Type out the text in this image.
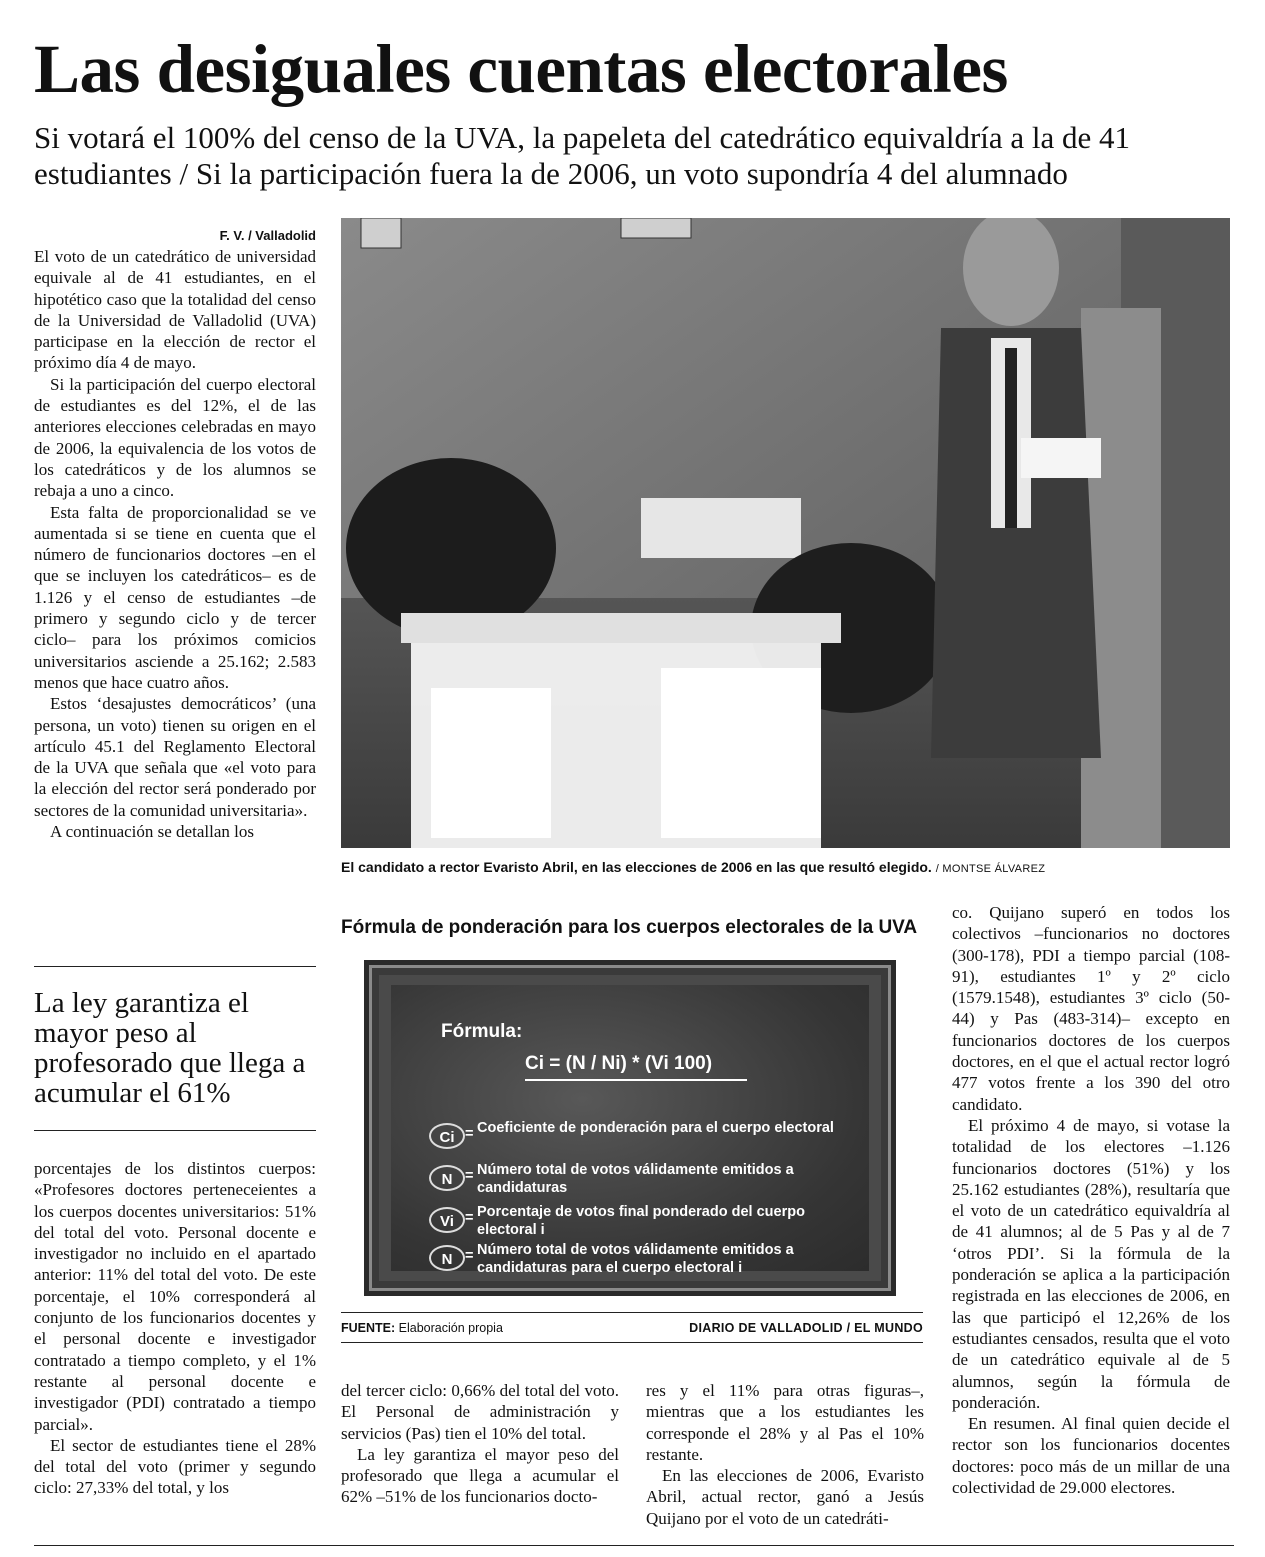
Las desiguales cuentas electorales
Si votará el 100% del censo de la UVA, la papeleta del catedrático equivaldría a la de 41 estudiantes / Si la participación fuera la de 2006, un voto supondría 4 del alumnado
F. V. / Valladolid

El voto de un catedrático de universidad equivale al de 41 estudiantes, en el hipotético caso que la totalidad del censo de la Universidad de Valladolid (UVA) participase en la elección de rector el próximo día 4 de mayo.

Si la participación del cuerpo electoral de estudiantes es del 12%, el de las anteriores elecciones celebradas en mayo de 2006, la equivalencia de los votos de los catedráticos y de los alumnos se rebaja a uno a cinco.

Esta falta de proporcionalidad se ve aumentada si se tiene en cuenta que el número de funcionarios doctores –en el que se incluyen los catedráticos– es de 1.126 y el censo de estudiantes –de primero y segundo ciclo y de tercer ciclo– para los próximos comicios universitarios asciende a 25.162; 2.583 menos que hace cuatro años.

Estos ‘desajustes democráticos’ (una persona, un voto) tienen su origen en el artículo 45.1 del Reglamento Electoral de la UVA que señala que «el voto para la elección del rector será ponderado por sectores de la comunidad universitaria».

A continuación se detallan los

La ley garantiza el mayor peso al profesorado que llega a acumular el 61%

porcentajes de los distintos cuerpos: «Profesores doctores perteneceientes a los cuerpos docentes universitarios: 51% del total del voto. Personal docente e investigador no incluido en el apartado anterior: 11% del total del voto. De este porcentaje, el 10% corresponderá al conjunto de los funcionarios docentes y el personal docente e investigador contratado a tiempo completo, y el 1% restante al personal docente e investigador (PDI) contratado a tiempo parcial».

El sector de estudiantes tiene el 28% del total del voto (primer y segundo ciclo: 27,33% del total, y los

El candidato a rector Evaristo Abril, en las elecciones de 2006 en las que resultó elegido. / MONTSE ÁLVAREZ
Fórmula de ponderación para los cuerpos electorales de la UVA
Fórmula:
Ci = (N / Ni) * (Vi 100)
Ci = Coeficiente de ponderación para el cuerpo electoral
N = Número total de votos válidamente emitidos a candidaturas
Vi = Porcentaje de votos final ponderado del cuerpo electoral i
N = Número total de votos válidamente emitidos a candidaturas para el cuerpo electoral i
FUENTE: Elaboración propia	DIARIO DE VALLADOLID / EL MUNDO

del tercer ciclo: 0,66% del total del voto. El Personal de administración y servicios (Pas) tien el 10% del total.

La ley garantiza el mayor peso del profesorado que llega a acumular el 62% –51% de los funcionarios docto-

res y el 11% para otras figuras–, mientras que a los estudiantes les corresponde el 28% y al Pas el 10% restante.

En las elecciones de 2006, Evaristo Abril, actual rector, ganó a Jesús Quijano por el voto de un catedráti-

co. Quijano superó en todos los colectivos –funcionarios no doctores (300-178), PDI a tiempo parcial (108-91), estudiantes 1º y 2º ciclo (1579.1548), estudiantes 3º ciclo (50-44) y Pas (483-314)– excepto en funcionarios doctores de los cuerpos doctores, en el que el actual rector logró 477 votos frente a los 390 del otro candidato.

El próximo 4 de mayo, si votase la totalidad de los electores –1.126 funcionarios doctores (51%) y los 25.162 estudiantes (28%), resultaría que el voto de un catedrático equivaldría al de 41 alumnos; al de 5 Pas y al de 7 ‘otros PDI’. Si la fórmula de la ponderación se aplica a la participación registrada en las elecciones de 2006, en las que participó el 12,26% de los estudiantes censados, resulta que el voto de un catedrático equivale al de 5 alumnos, según la fórmula de ponderación.

En resumen. Al final quien decide el rector son los funcionarios docentes doctores: poco más de un millar de una colectividad de 29.000 electores.
